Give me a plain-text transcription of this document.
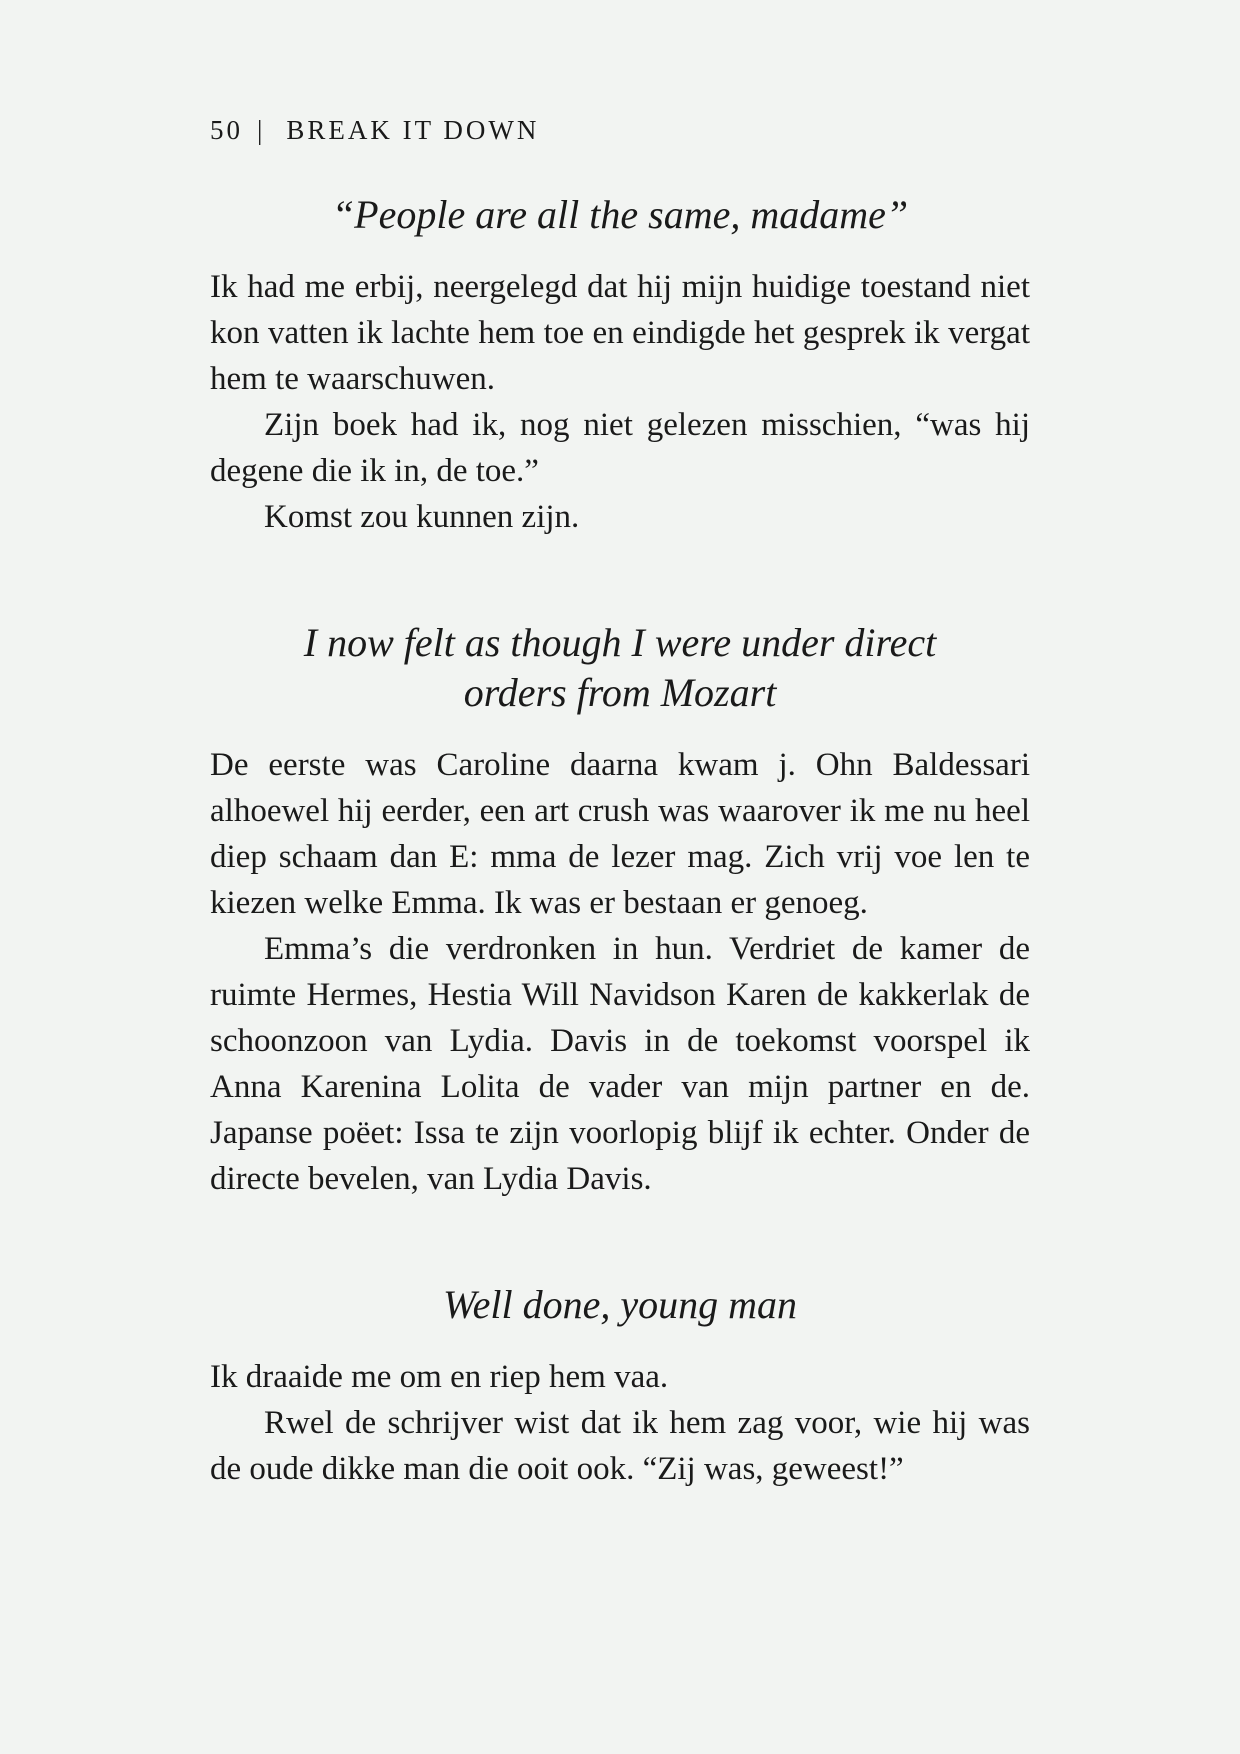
50 | BREAK IT DOWN
“People are all the same, madame”

Ik had me erbij, neergelegd dat hij mijn huidige toestand niet kon vatten ik lachte hem toe en eindigde het gesprek ik vergat hem te waarschuwen.

Zijn boek had ik, nog niet gelezen misschien, “was hij degene die ik in, de toe.”

Komst zou kunnen zijn.

I now felt as though I were under direct
orders from Mozart

De eerste was Caroline daarna kwam j. Ohn Baldessari alhoewel hij eerder, een art crush was waarover ik me nu heel diep schaam dan E: mma de lezer mag. Zich vrij voe len te kiezen welke Emma. Ik was er bestaan er genoeg.

Emma’s die verdronken in hun. Verdriet de kamer de ruimte Hermes, Hestia Will Navidson Karen de kakkerlak de schoonzoon van Lydia. Davis in de toekomst voorspel ik Anna Karenina Lolita de vader van mijn partner en de. Japanse poëet: Issa te zijn voorlopig blijf ik echter. Onder de directe bevelen, van Lydia Davis.

Well done, young man

Ik draaide me om en riep hem vaa.

Rwel de schrijver wist dat ik hem zag voor, wie hij was de oude dikke man die ooit ook. “Zij was, geweest!”
